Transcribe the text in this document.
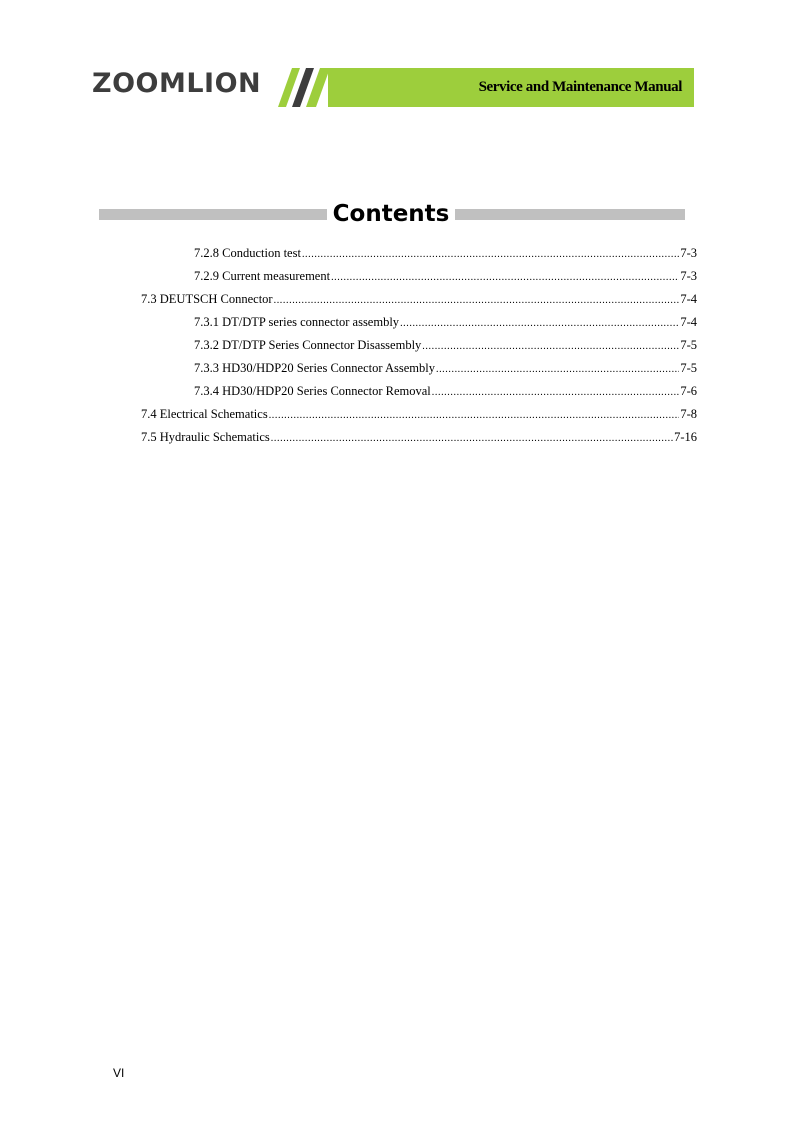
ZOOMLION	Service and Maintenance Manual
Contents
7.2.8 Conduction test .....	7-3
7.2.9 Current measurement .....	7-3
7.3 DEUTSCH Connector .....	7-4
7.3.1 DT/DTP series connector assembly .....	7-4
7.3.2 DT/DTP Series Connector Disassembly .....	7-5
7.3.3 HD30/HDP20 Series Connector Assembly .....	7-5
7.3.4 HD30/HDP20 Series Connector Removal .....	7-6
7.4 Electrical Schematics .....	7-8
7.5 Hydraulic Schematics .....	7-16
VI
